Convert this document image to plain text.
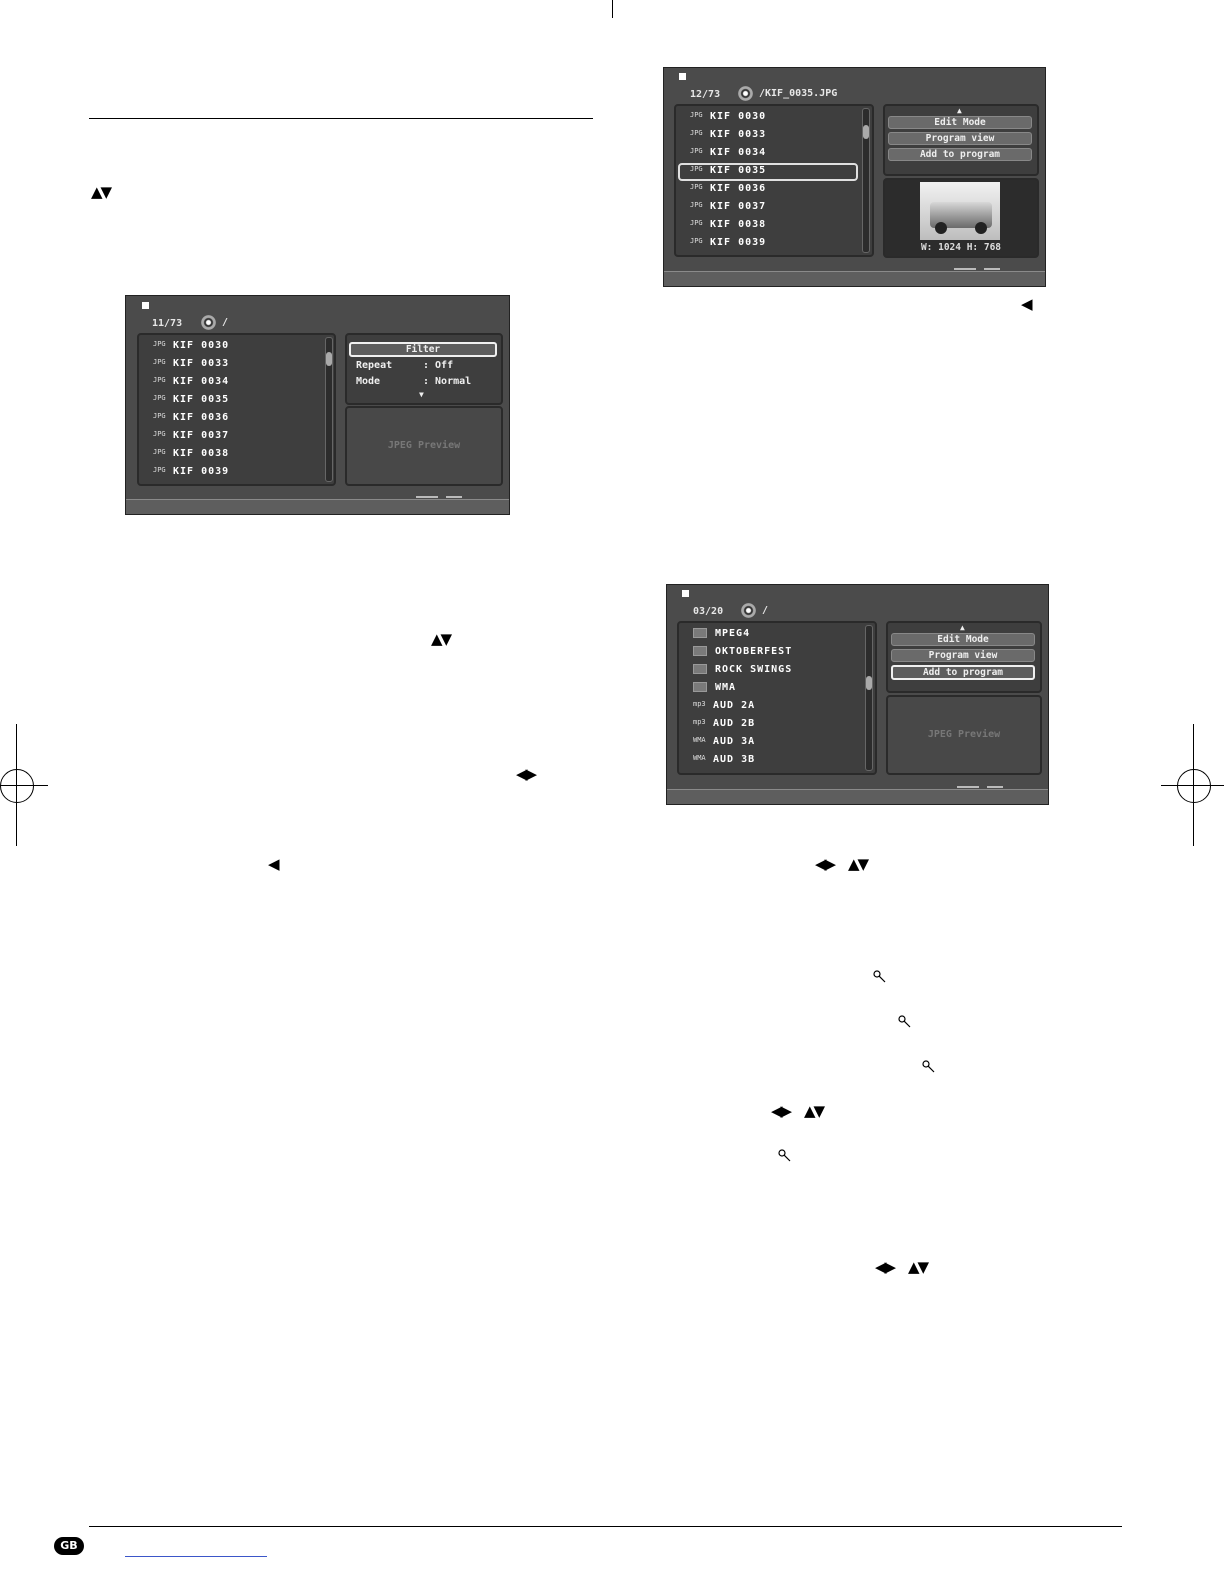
▲▼
▲▼
◀▶
◀
◀
◀▶ ▲▼
◀▶ ▲▼
◀▶ ▲▼
11/73	/
JPG KIF 0030
JPG KIF 0033
JPG KIF 0034
JPG KIF 0035
JPG KIF 0036
JPG KIF 0037
JPG KIF 0038
JPG KIF 0039
Filter
Repeat	: Off
Mode	: Normal
▼
JPEG Preview
12/73	/KIF_0035.JPG
JPG KIF 0030
JPG KIF 0033
JPG KIF 0034
JPG KIF 0035
JPG KIF 0036
JPG KIF 0037
JPG KIF 0038
JPG KIF 0039
▲
Edit Mode
Program view
Add to program
W: 1024 H: 768
03/20	/
MPEG4
OKTOBERFEST
ROCK SWINGS
WMA
mp3 AUD 2A
mp3 AUD 2B
WMA AUD 3A
WMA AUD 3B
▲
Edit Mode
Program view
Add to program
JPEG Preview
GB
